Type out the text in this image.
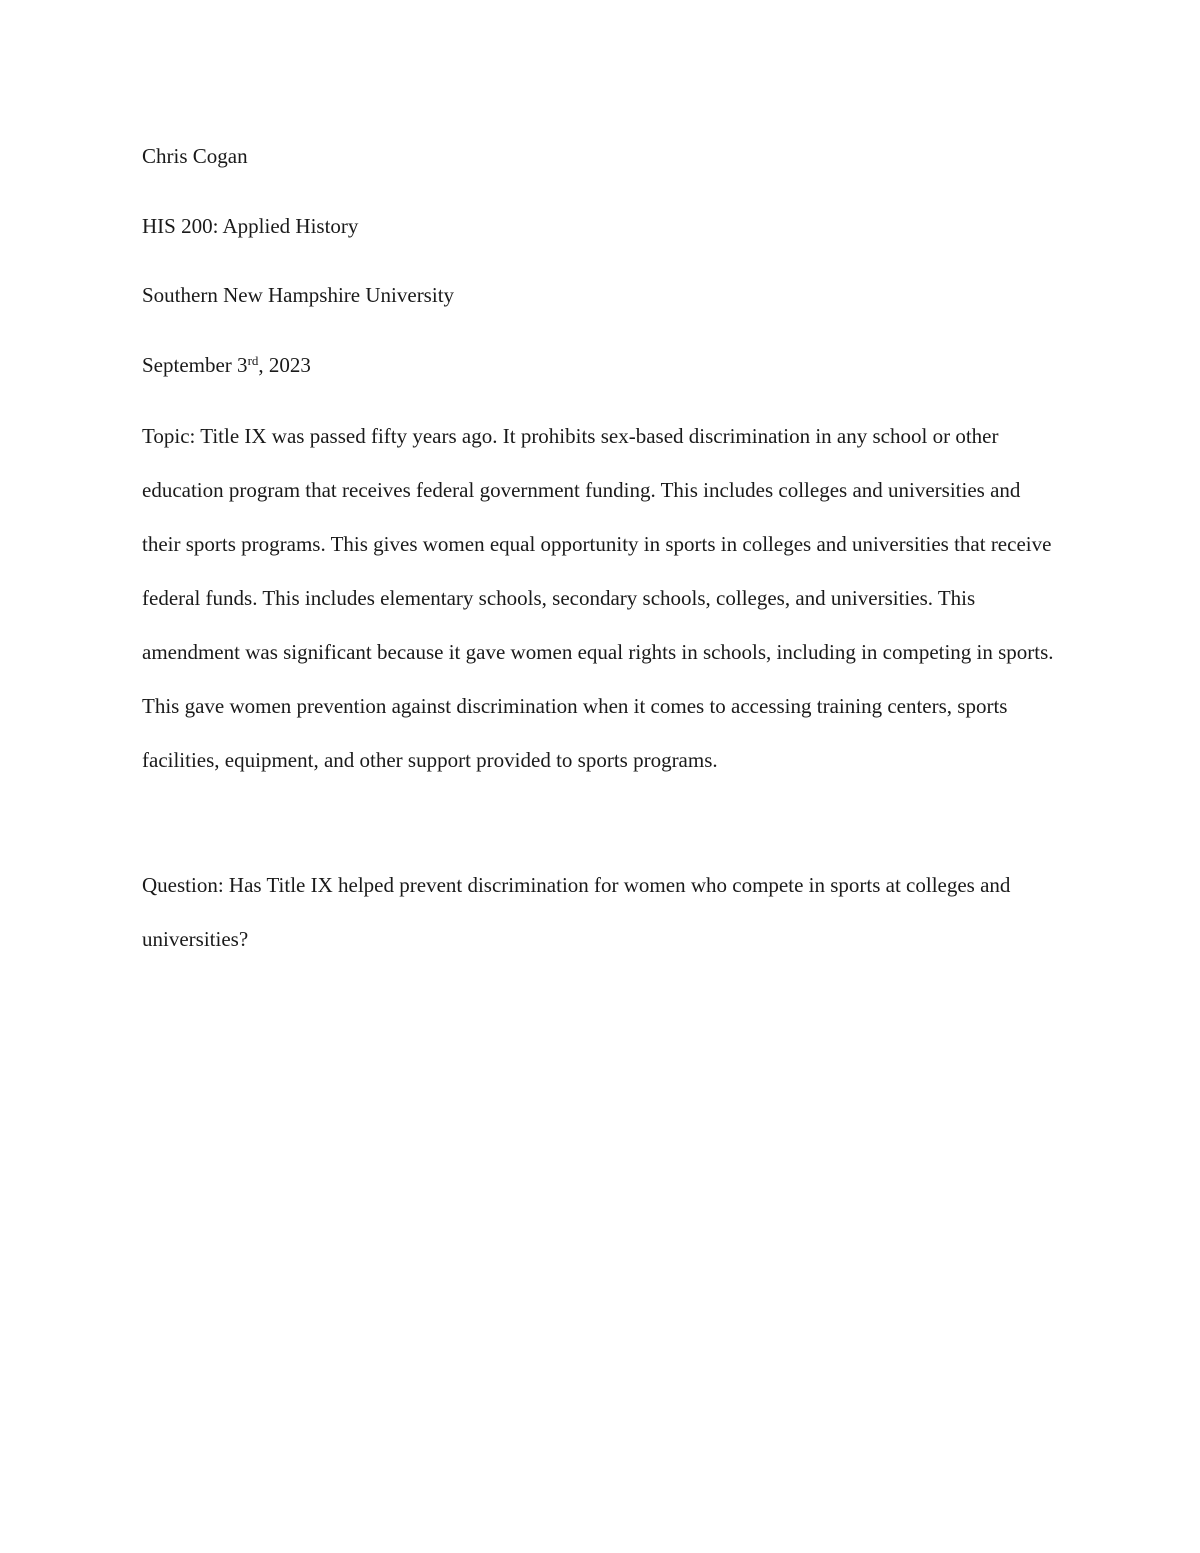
Chris Cogan
HIS 200: Applied History
Southern New Hampshire University
September 3rd, 2023

Topic: Title IX was passed fifty years ago. It prohibits sex-based discrimination in any school or other education program that receives federal government funding. This includes colleges and universities and their sports programs. This gives women equal opportunity in sports in colleges and universities that receive federal funds. This includes elementary schools, secondary schools, colleges, and universities. This amendment was significant because it gave women equal rights in schools, including in competing in sports. This gave women prevention against discrimination when it comes to accessing training centers, sports facilities, equipment, and other support provided to sports programs.

Question: Has Title IX helped prevent discrimination for women who compete in sports at colleges and universities?
